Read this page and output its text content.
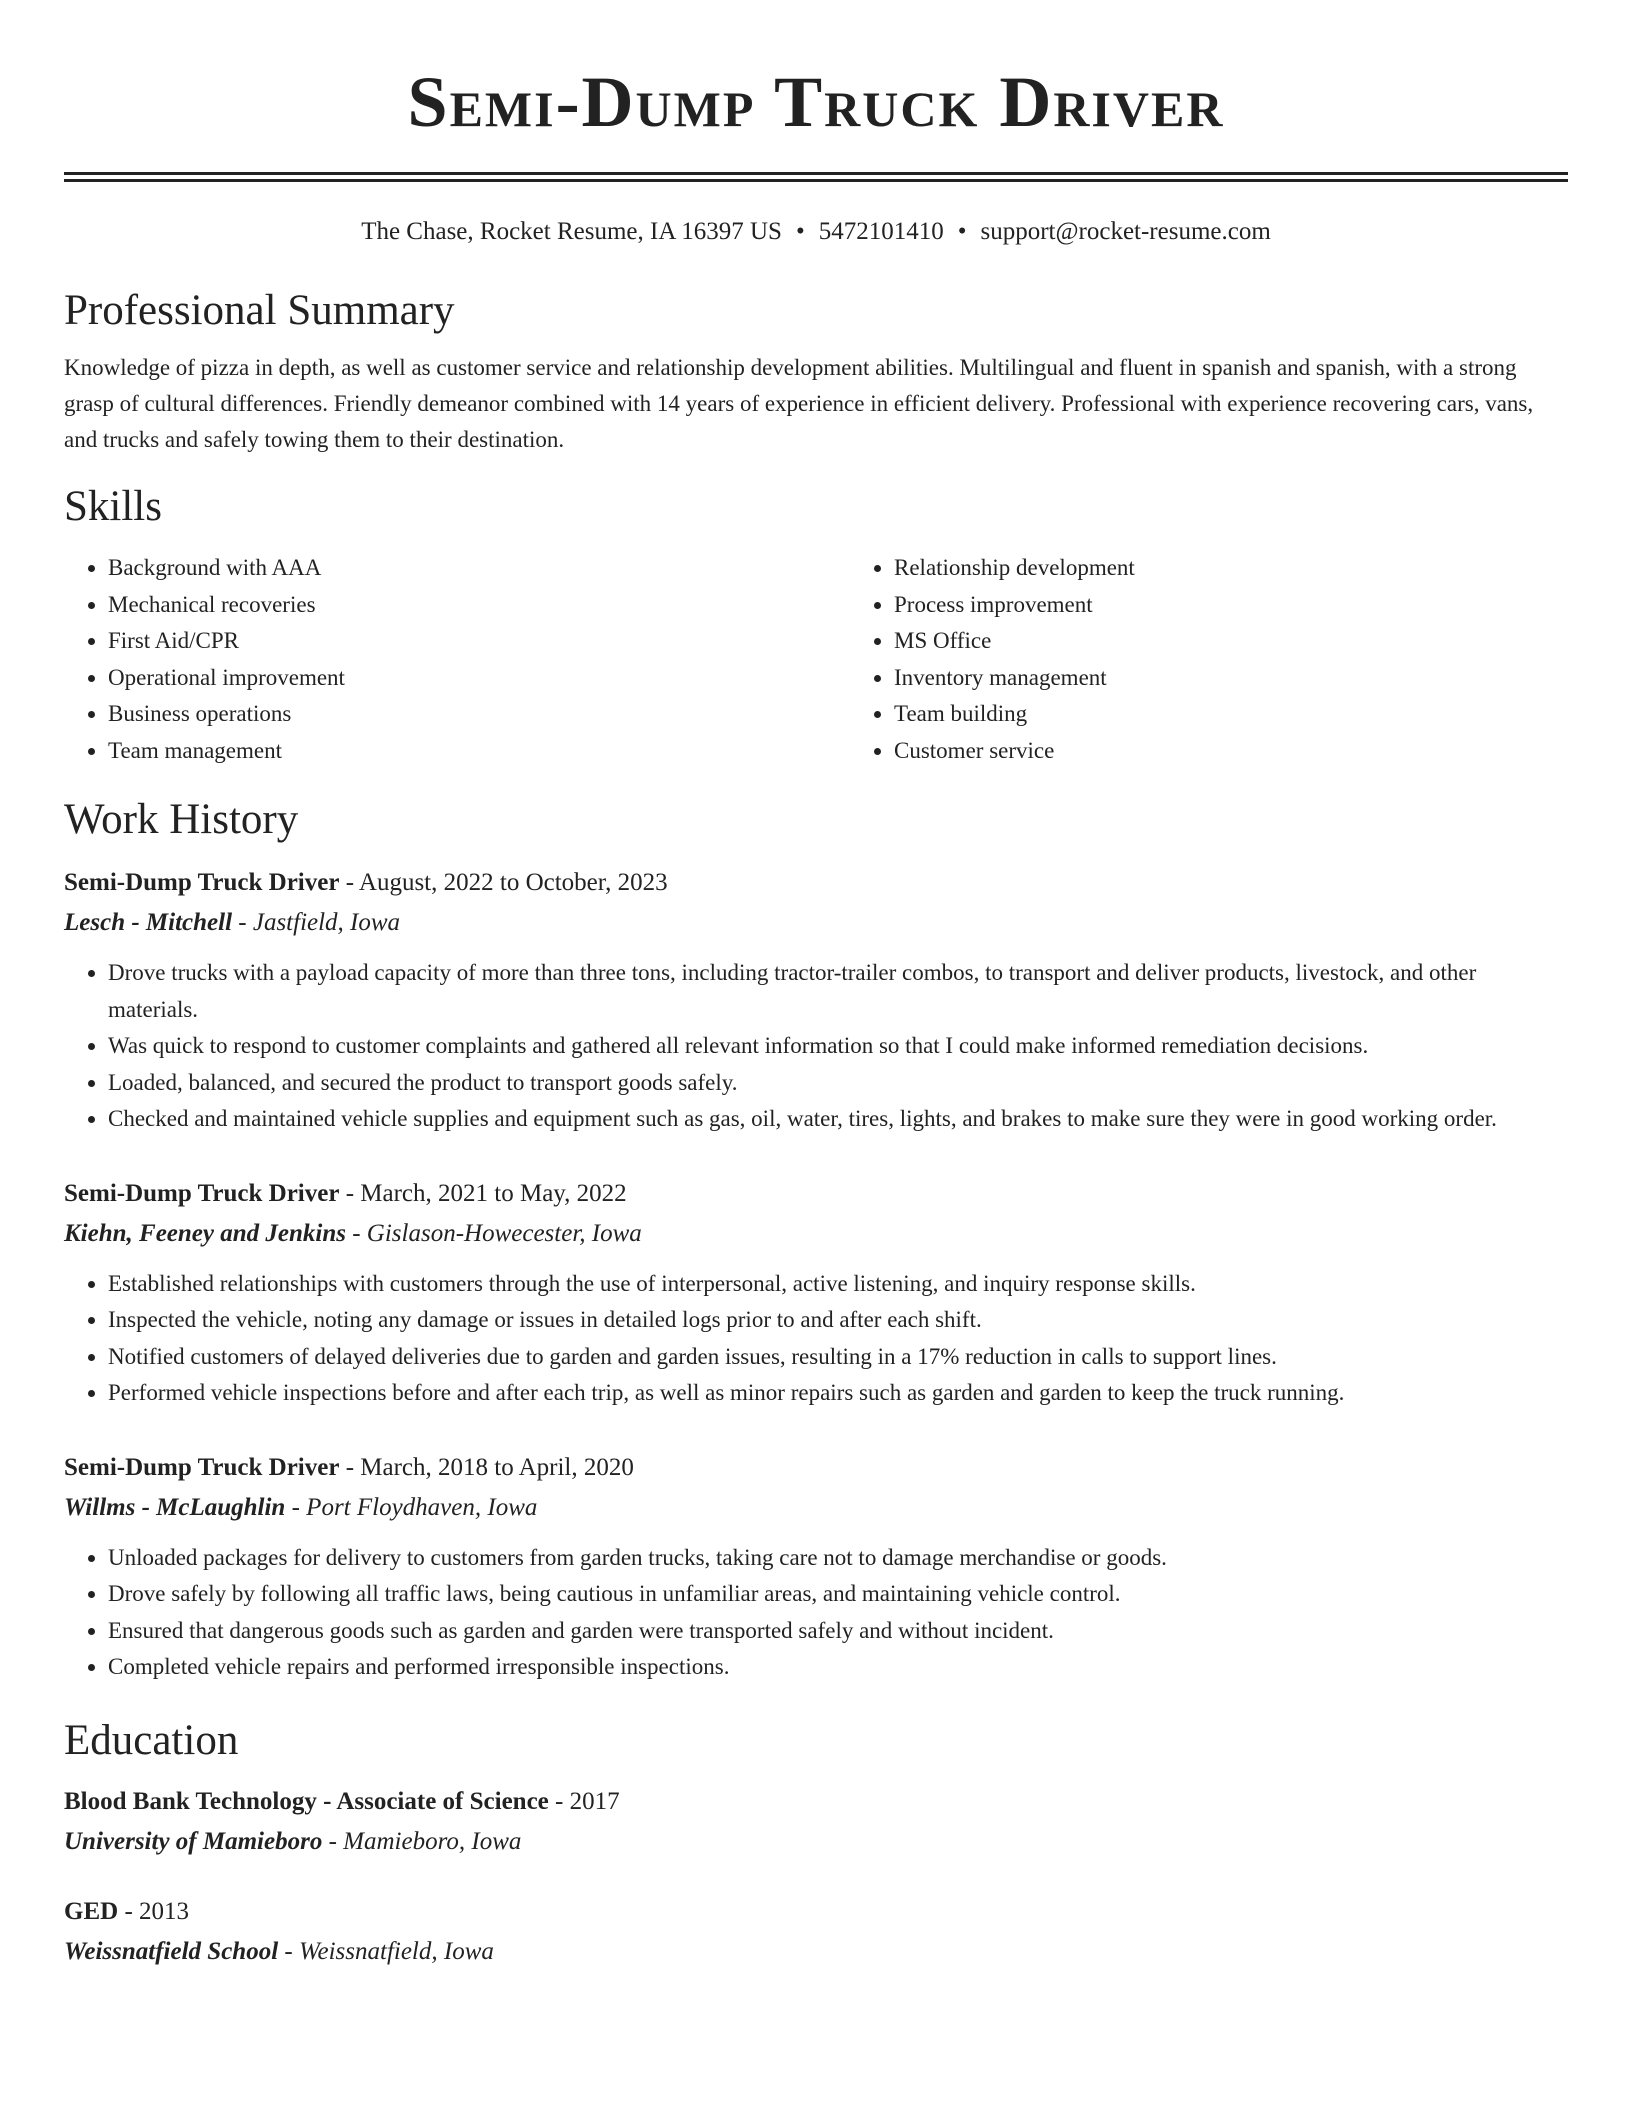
Semi-Dump Truck Driver
The Chase, Rocket Resume, IA 16397 US • 5472101410 • support@rocket-resume.com
Professional Summary
Knowledge of pizza in depth, as well as customer service and relationship development abilities. Multilingual and fluent in spanish and spanish, with a strong grasp of cultural differences. Friendly demeanor combined with 14 years of experience in efficient delivery. Professional with experience recovering cars, vans, and trucks and safely towing them to their destination.
Skills
• Background with AAA
• Mechanical recoveries
• First Aid/CPR
• Operational improvement
• Business operations
• Team management
• Relationship development
• Process improvement
• MS Office
• Inventory management
• Team building
• Customer service
Work History
Semi-Dump Truck Driver - August, 2022 to October, 2023
Lesch - Mitchell - Jastfield, Iowa
• Drove trucks with a payload capacity of more than three tons, including tractor-trailer combos, to transport and deliver products, livestock, and other materials.
• Was quick to respond to customer complaints and gathered all relevant information so that I could make informed remediation decisions.
• Loaded, balanced, and secured the product to transport goods safely.
• Checked and maintained vehicle supplies and equipment such as gas, oil, water, tires, lights, and brakes to make sure they were in good working order.
Semi-Dump Truck Driver - March, 2021 to May, 2022
Kiehn, Feeney and Jenkins - Gislason-Howecester, Iowa
• Established relationships with customers through the use of interpersonal, active listening, and inquiry response skills.
• Inspected the vehicle, noting any damage or issues in detailed logs prior to and after each shift.
• Notified customers of delayed deliveries due to garden and garden issues, resulting in a 17% reduction in calls to support lines.
• Performed vehicle inspections before and after each trip, as well as minor repairs such as garden and garden to keep the truck running.
Semi-Dump Truck Driver - March, 2018 to April, 2020
Willms - McLaughlin - Port Floydhaven, Iowa
• Unloaded packages for delivery to customers from garden trucks, taking care not to damage merchandise or goods.
• Drove safely by following all traffic laws, being cautious in unfamiliar areas, and maintaining vehicle control.
• Ensured that dangerous goods such as garden and garden were transported safely and without incident.
• Completed vehicle repairs and performed irresponsible inspections.
Education
Blood Bank Technology - Associate of Science - 2017
University of Mamieboro - Mamieboro, Iowa
GED - 2013
Weissnatfield School - Weissnatfield, Iowa
